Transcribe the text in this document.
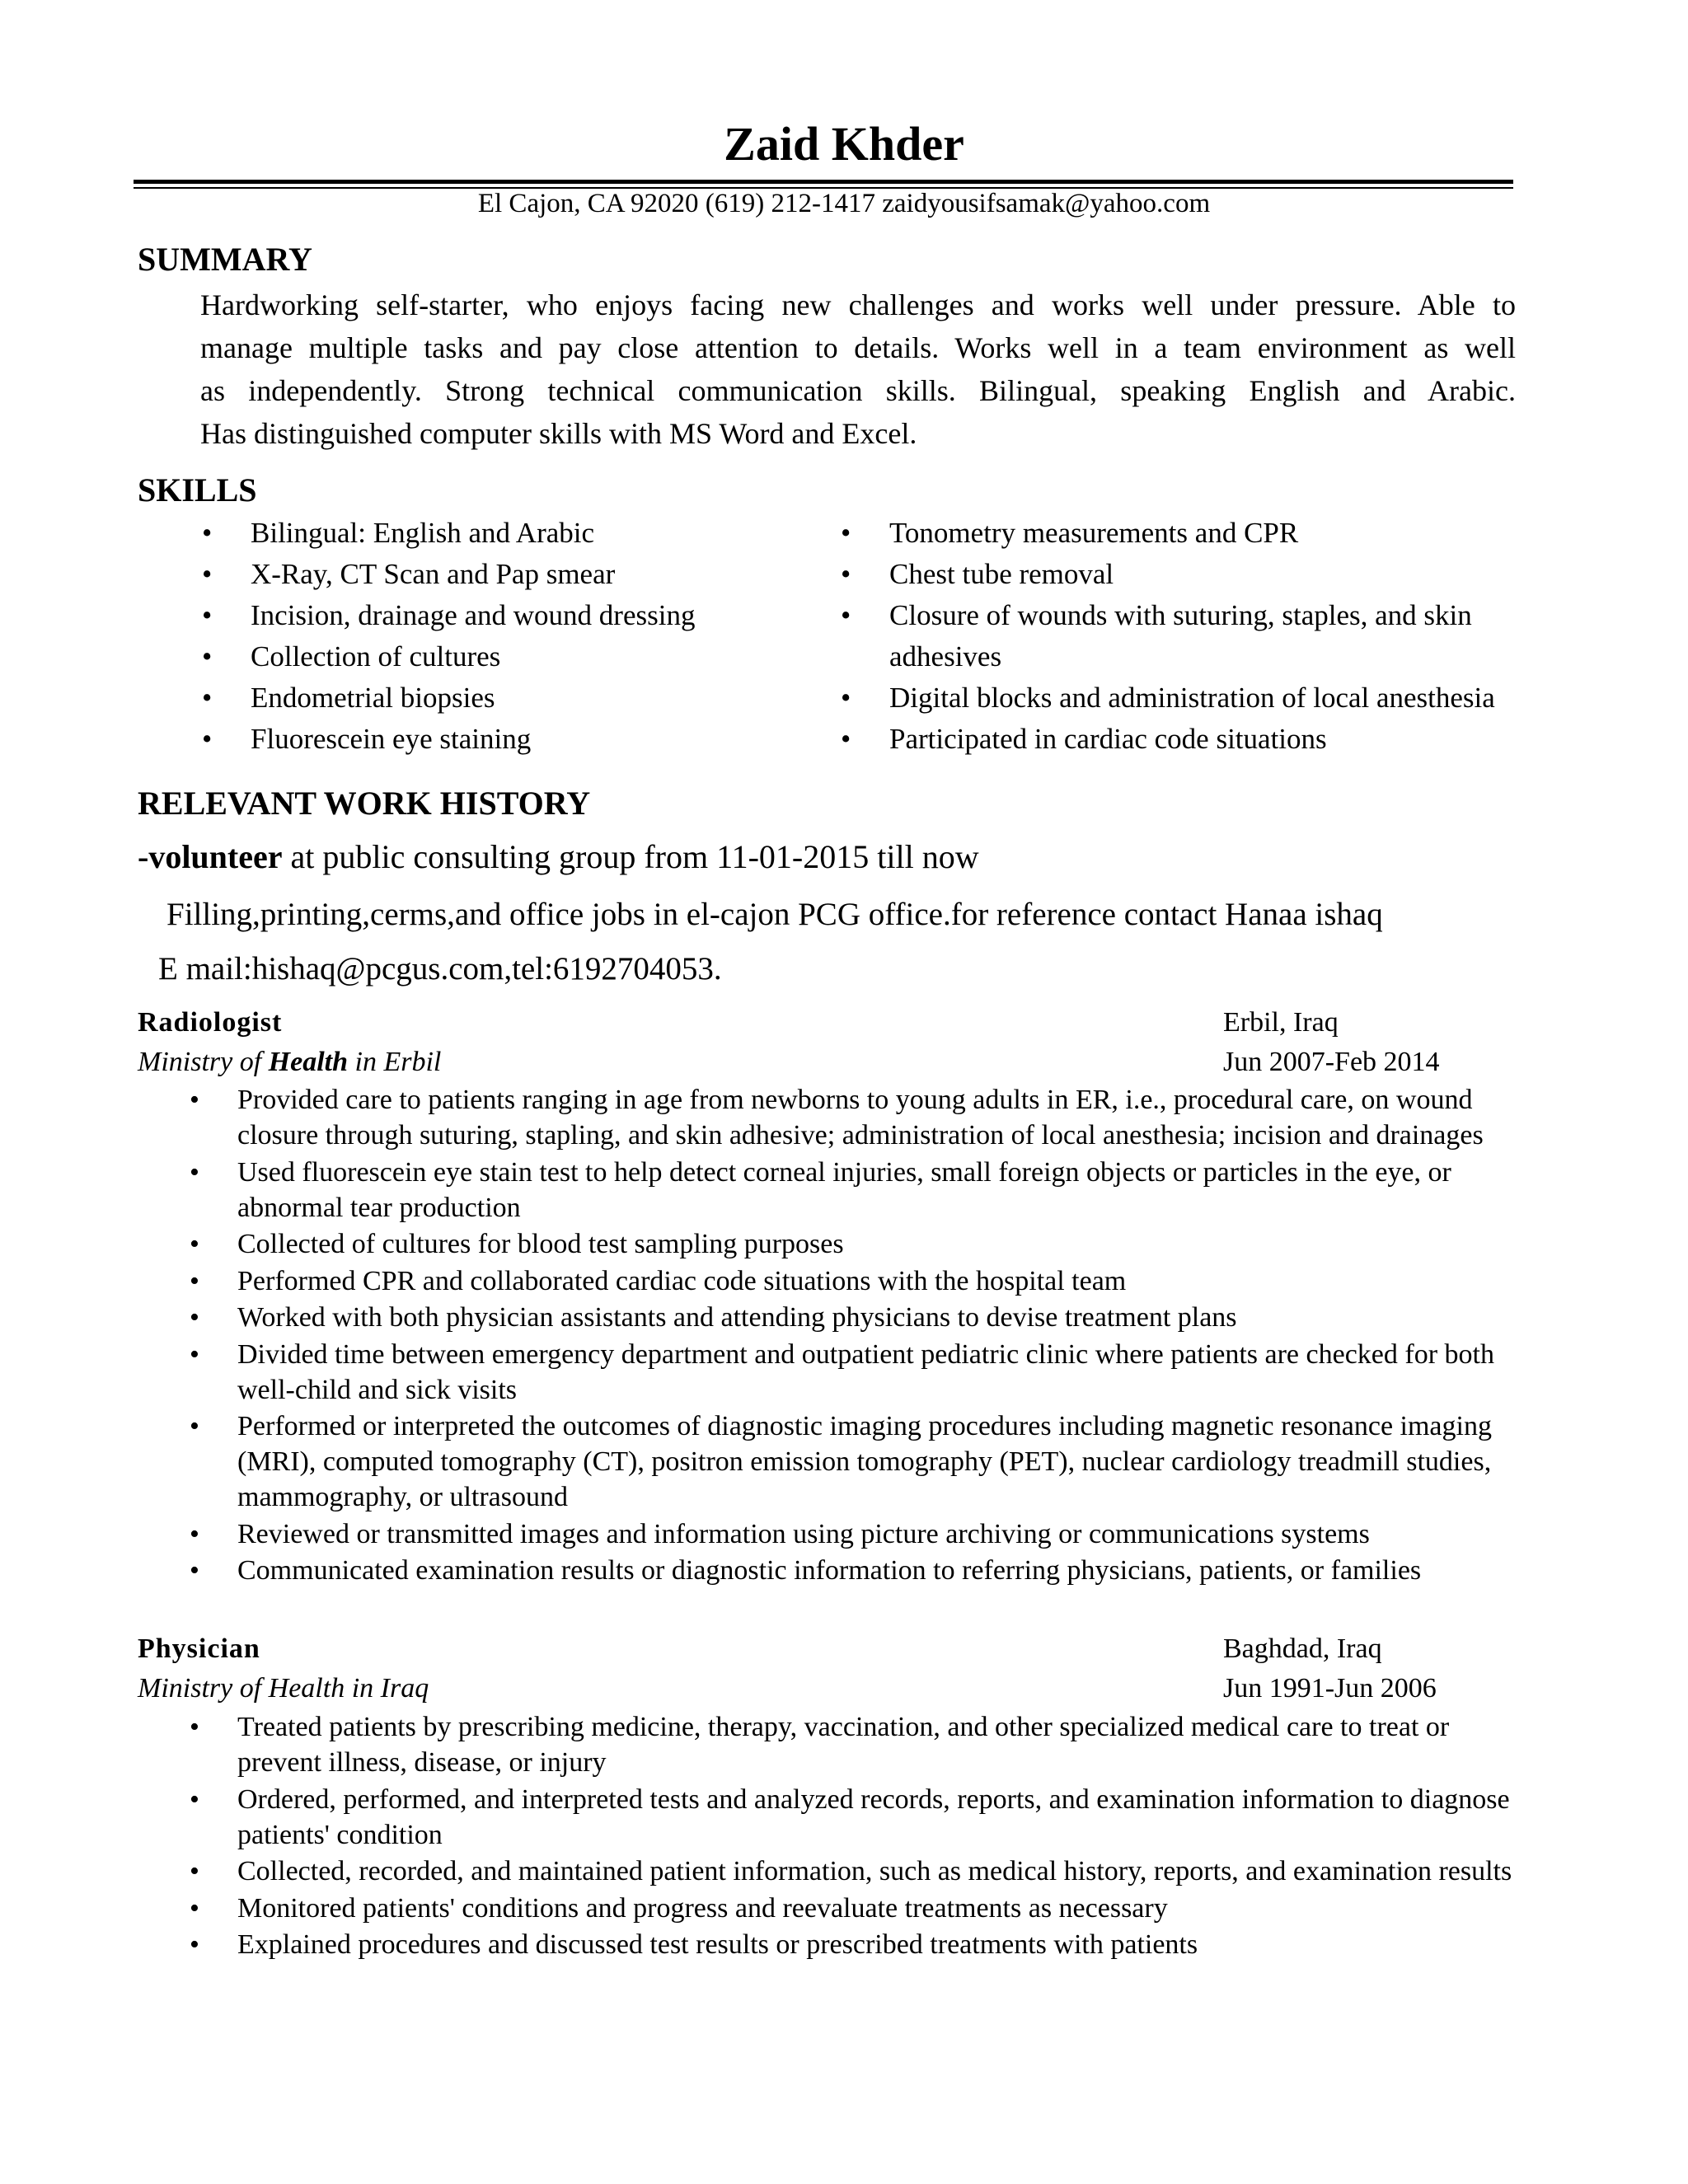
Zaid Khder
El Cajon, CA 92020 (619) 212-1417 zaidyousifsamak@yahoo.com
SUMMARY

Hardworking self-starter, who enjoys facing new challenges and works well under pressure. Able to

manage multiple tasks and pay close attention to details. Works well in a team environment as well

as independently. Strong technical communication skills. Bilingual, speaking English and Arabic.

Has distinguished computer skills with MS Word and Excel.

SKILLS
• Bilingual: English and Arabic
• X-Ray, CT Scan and Pap smear
• Incision, drainage and wound dressing
• Collection of cultures
• Endometrial biopsies
• Fluorescein eye staining
• Tonometry measurements and CPR
• Chest tube removal
• Closure of wounds with suturing, staples, and skin adhesives
• Digital blocks and administration of local anesthesia
• Participated in cardiac code situations
RELEVANT WORK HISTORY
-volunteer at public consulting group from 11-01-2015 till now
Filling,printing,cerms,and office jobs in el-cajon PCG office.for reference contact Hanaa ishaq
E mail:hishaq@pcgus.com,tel:6192704053.
Radiologist	Erbil, Iraq
Ministry of Health in Erbil	Jun 2007-Feb 2014
• Provided care to patients ranging in age from newborns to young adults in ER, i.e., procedural care, on wound closure through suturing, stapling, and skin adhesive; administration of local anesthesia; incision and drainages
• Used fluorescein eye stain test to help detect corneal injuries, small foreign objects or particles in the eye, or abnormal tear production
• Collected of cultures for blood test sampling purposes
• Performed CPR and collaborated cardiac code situations with the hospital team
• Worked with both physician assistants and attending physicians to devise treatment plans
• Divided time between emergency department and outpatient pediatric clinic where patients are checked for both well-child and sick visits
• Performed or interpreted the outcomes of diagnostic imaging procedures including magnetic resonance imaging (MRI), computed tomography (CT), positron emission tomography (PET), nuclear cardiology treadmill studies, mammography, or ultrasound
• Reviewed or transmitted images and information using picture archiving or communications systems
• Communicated examination results or diagnostic information to referring physicians, patients, or families
Physician	Baghdad, Iraq
Ministry of Health in Iraq	Jun 1991-Jun 2006
• Treated patients by prescribing medicine, therapy, vaccination, and other specialized medical care to treat or prevent illness, disease, or injury
• Ordered, performed, and interpreted tests and analyzed records, reports, and examination information to diagnose patients' condition
• Collected, recorded, and maintained patient information, such as medical history, reports, and examination results
• Monitored patients' conditions and progress and reevaluate treatments as necessary
• Explained procedures and discussed test results or prescribed treatments with patients
